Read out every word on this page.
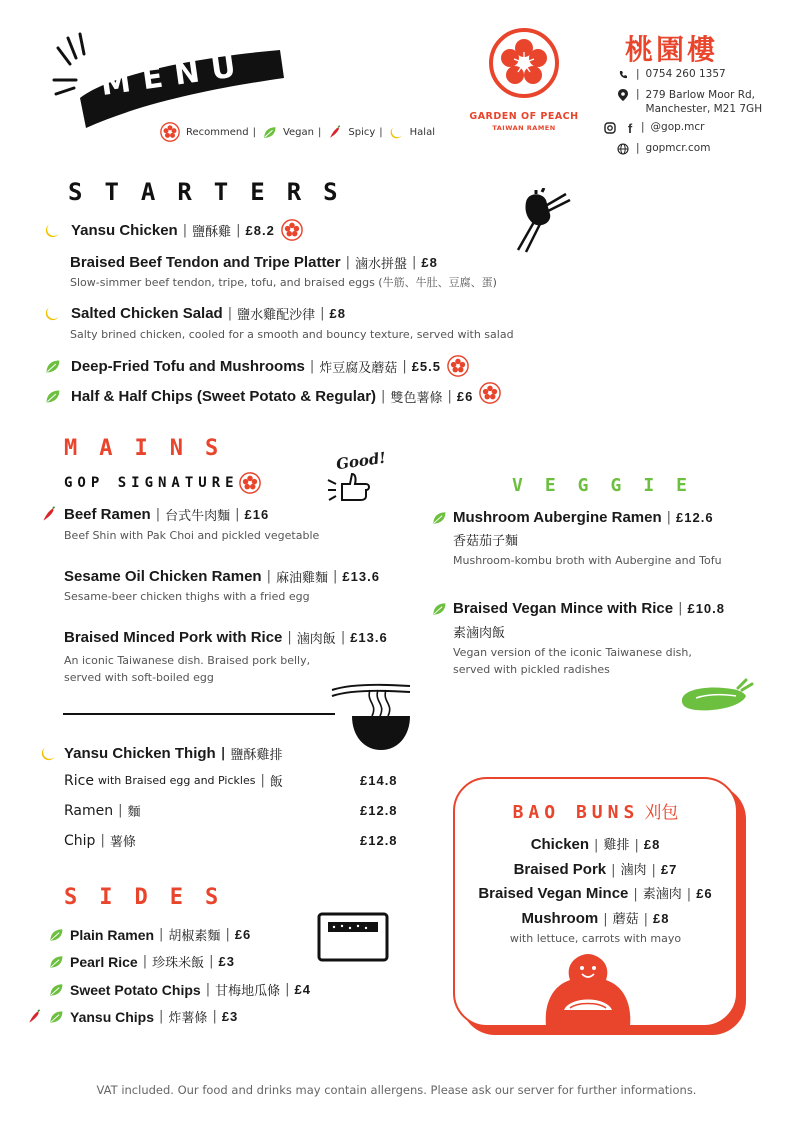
MENU
Recommend |	Vegan |	Spicy |	Halal
GARDEN OF PEACH
TAIWAN RAMEN
桃園樓
| 0754 260 1357
| 279 Barlow Moor Rd,
Manchester, M21 7GH
f | @gop.mcr
| gopmcr.com
STARTERS
Yansu Chicken | 鹽酥雞 | £8.2
Braised Beef Tendon and Tripe Platter | 滷水拼盤 | £8
Slow-simmer beef tendon, tripe, tofu, and braised eggs (牛筋、牛肚、豆腐、蛋)
Salted Chicken Salad | 鹽水雞配沙律 | £8
Salty brined chicken, cooled for a smooth and bouncy texture, served with salad
Deep-Fried Tofu and Mushrooms | 炸豆腐及蘑菇 | £5.5
Half & Half Chips (Sweet Potato & Regular) | 雙色薯條 | £6
MAINS
GOP SIGNATURE
Good!
Beef Ramen | 台式牛肉麵 | £16
Beef Shin with Pak Choi and pickled vegetable
Sesame Oil Chicken Ramen | 麻油雞麵 | £13.6
Sesame-beer chicken thighs with a fried egg
Braised Minced Pork with Rice | 滷肉飯 | £13.6
An iconic Taiwanese dish. Braised pork belly,
served with soft-boiled egg
Yansu Chicken Thigh | 鹽酥雞排
Rice with Braised egg and Pickles | 飯	£14.8
Ramen | 麵	£12.8
Chip | 薯條	£12.8
VEGGIE
Mushroom Aubergine Ramen | £12.6
香菇茄子麵
Mushroom-kombu broth with Aubergine and Tofu
Braised Vegan Mince with Rice | £10.8
素滷肉飯
Vegan version of the iconic Taiwanese dish,
served with pickled radishes
BAO BUNS 刈包
Chicken | 雞排 | £8
Braised Pork | 滷肉 | £7
Braised Vegan Mince | 素滷肉 | £6
Mushroom | 蘑菇 | £8
with lettuce, carrots with mayo
SIDES
Plain Ramen | 胡椒素麵 | £6
Pearl Rice | 珍珠米飯 | £3
Sweet Potato Chips | 甘梅地瓜條 | £4
Yansu Chips | 炸薯條 | £3
VAT included. Our food and drinks may contain allergens. Please ask our server for further informations.
